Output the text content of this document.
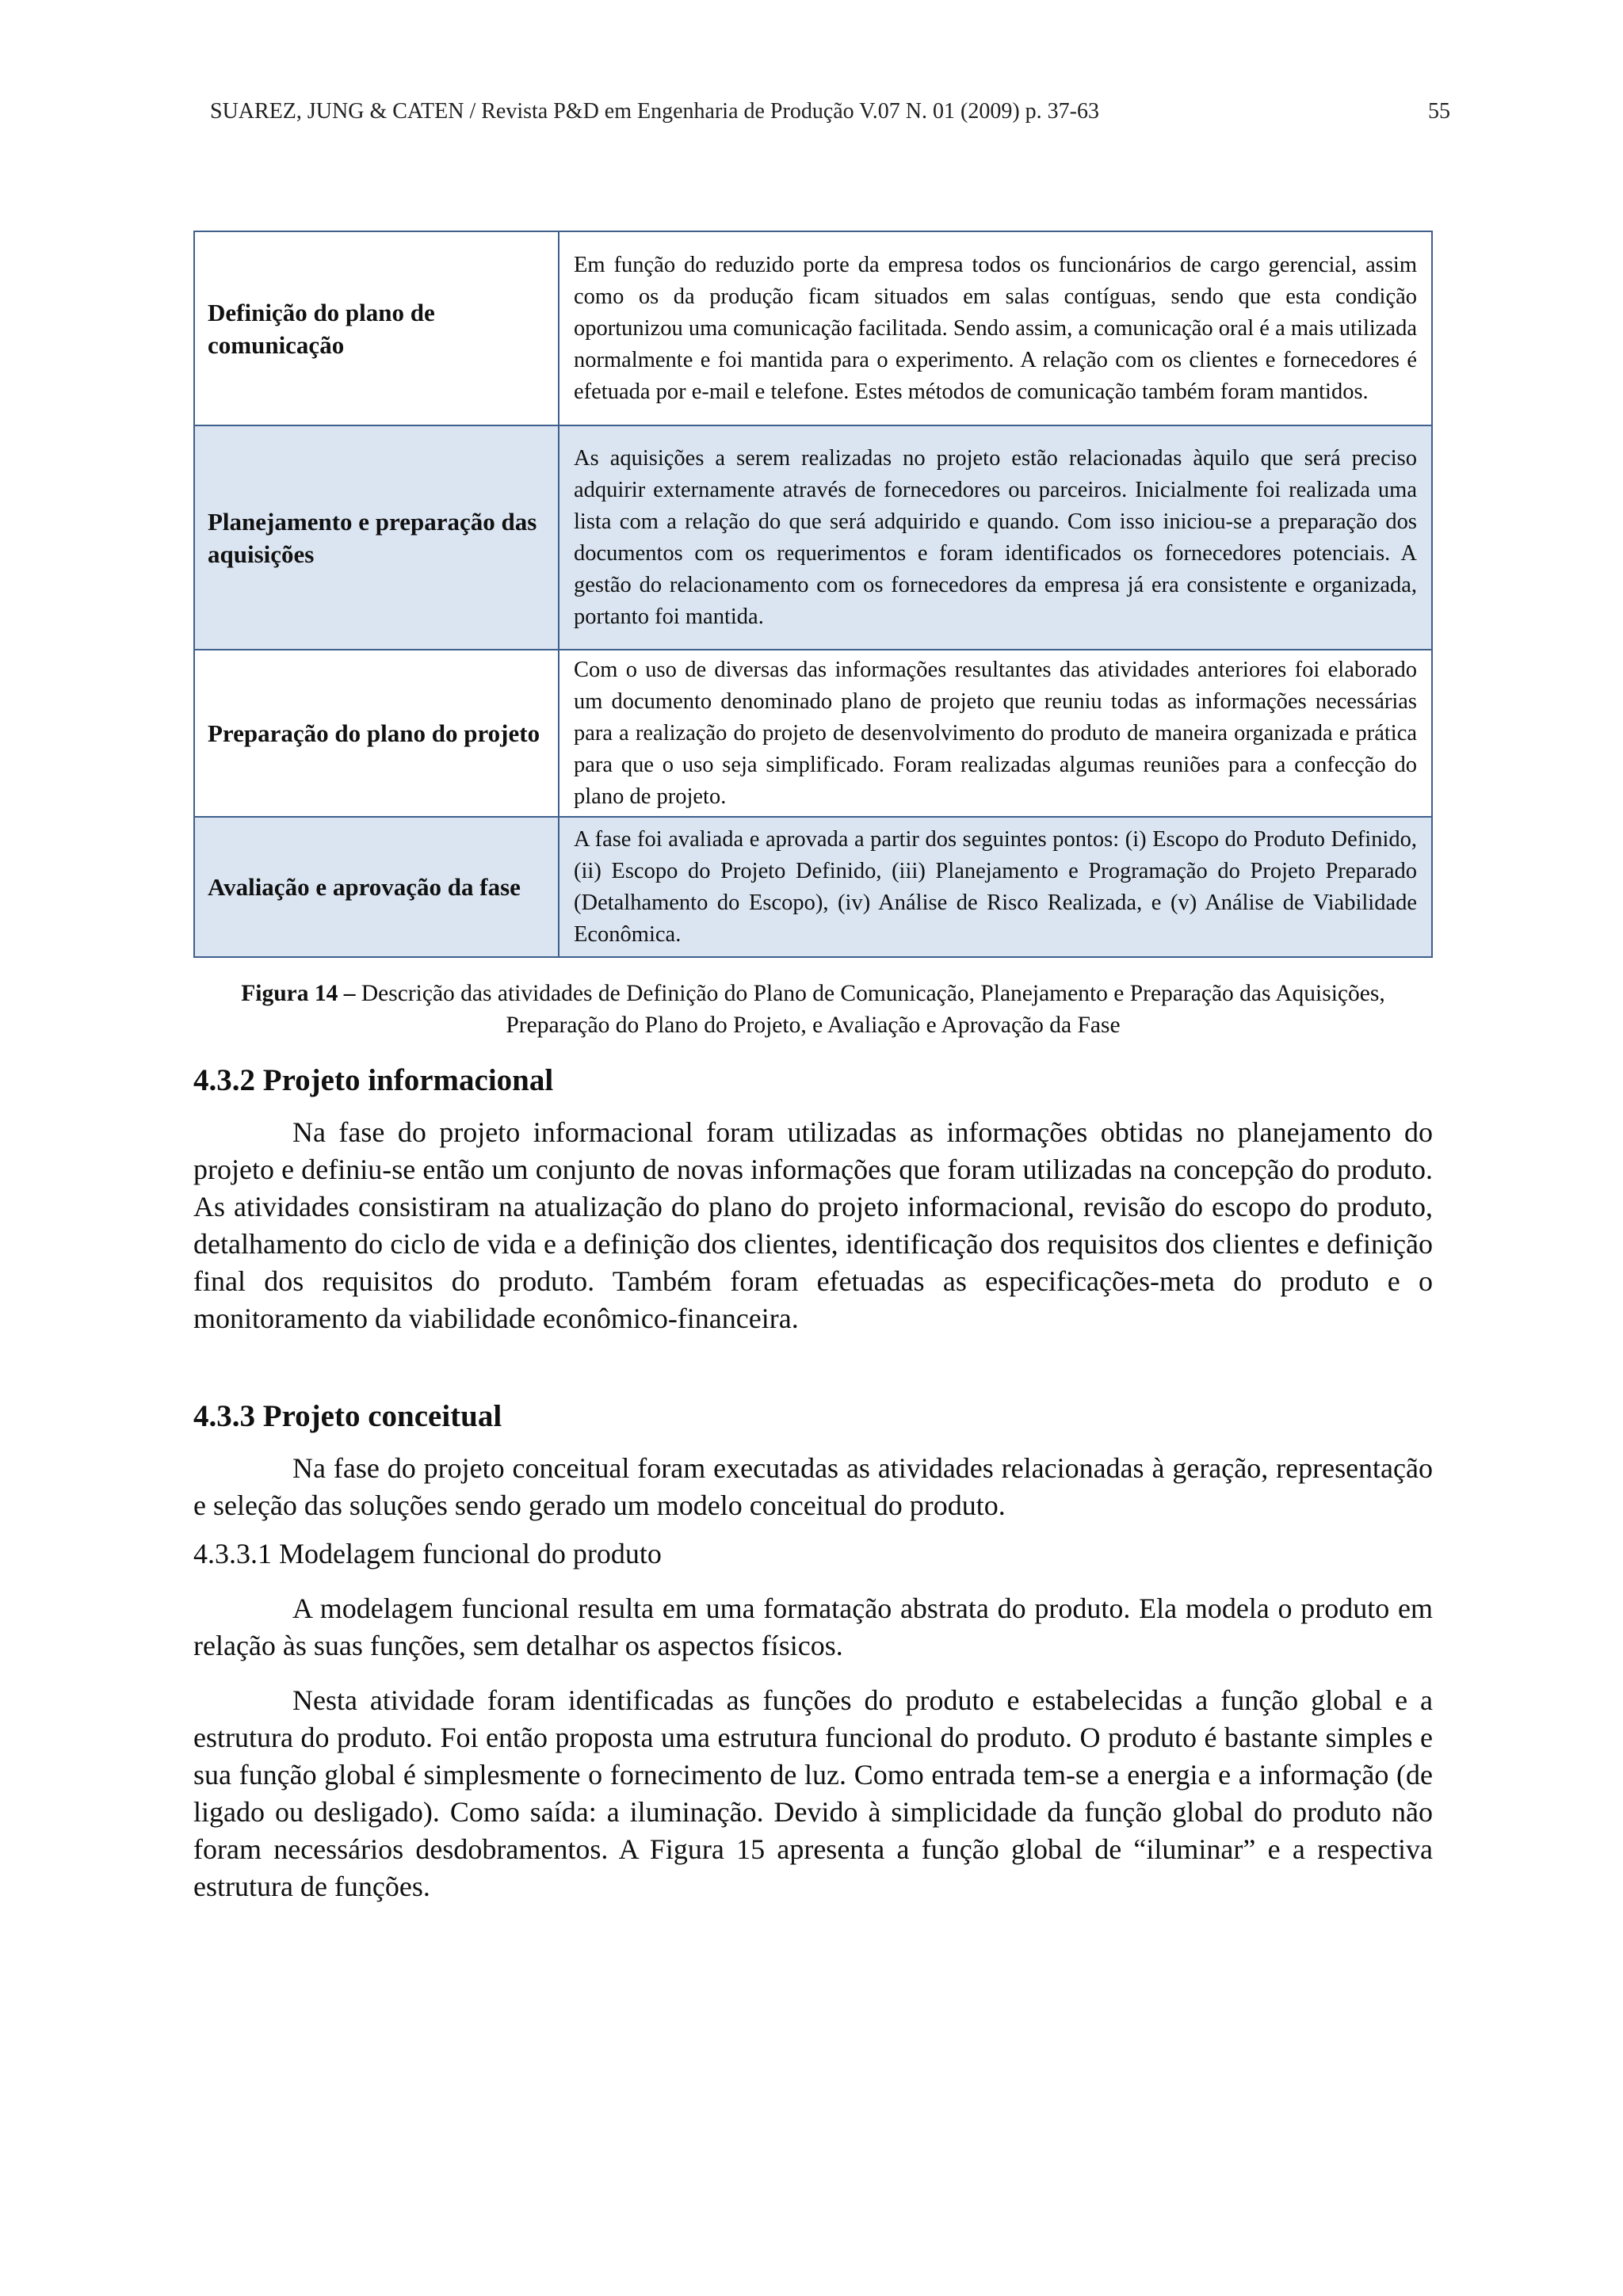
SUAREZ, JUNG & CATEN / Revista P&D em Engenharia de Produção V.07 N. 01 (2009) p. 37-63	55
Definição do plano de comunicação	Em função do reduzido porte da empresa todos os funcionários de cargo gerencial, assim como os da produção ficam situados em salas contíguas, sendo que esta condição oportunizou uma comunicação facilitada. Sendo assim, a comunicação oral é a mais utilizada normalmente e foi mantida para o experimento. A relação com os clientes e fornecedores é efetuada por e-mail e telefone. Estes métodos de comunicação também foram mantidos.
Planejamento e preparação das aquisições	As aquisições a serem realizadas no projeto estão relacionadas àquilo que será preciso adquirir externamente através de fornecedores ou parceiros. Inicialmente foi realizada uma lista com a relação do que será adquirido e quando. Com isso iniciou-se a preparação dos documentos com os requerimentos e foram identificados os fornecedores potenciais. A gestão do relacionamento com os fornecedores da empresa já era consistente e organizada, portanto foi mantida.
Preparação do plano do projeto	Com o uso de diversas das informações resultantes das atividades anteriores foi elaborado um documento denominado plano de projeto que reuniu todas as informações necessárias para a realização do projeto de desenvolvimento do produto de maneira organizada e prática para que o uso seja simplificado. Foram realizadas algumas reuniões para a confecção do plano de projeto.
Avaliação e aprovação da fase	A fase foi avaliada e aprovada a partir dos seguintes pontos: (i) Escopo do Produto Definido, (ii) Escopo do Projeto Definido, (iii) Planejamento e Programação do Projeto Preparado (Detalhamento do Escopo), (iv) Análise de Risco Realizada, e (v) Análise de Viabilidade Econômica.
Figura 14 – Descrição das atividades de Definição do Plano de Comunicação, Planejamento e Preparação das Aquisições, Preparação do Plano do Projeto, e Avaliação e Aprovação da Fase
4.3.2 Projeto informacional

Na fase do projeto informacional foram utilizadas as informações obtidas no planejamento do projeto e definiu-se então um conjunto de novas informações que foram utilizadas na concepção do produto. As atividades consistiram na atualização do plano do projeto informacional, revisão do escopo do produto, detalhamento do ciclo de vida e a definição dos clientes, identificação dos requisitos dos clientes e definição final dos requisitos do produto. Também foram efetuadas as especificações-meta do produto e o monitoramento da viabilidade econômico-financeira.

4.3.3 Projeto conceitual

Na fase do projeto conceitual foram executadas as atividades relacionadas à geração, representação e seleção das soluções sendo gerado um modelo conceitual do produto.

4.3.3.1 Modelagem funcional do produto

A modelagem funcional resulta em uma formatação abstrata do produto. Ela modela o produto em relação às suas funções, sem detalhar os aspectos físicos.

Nesta atividade foram identificadas as funções do produto e estabelecidas a função global e a estrutura do produto. Foi então proposta uma estrutura funcional do produto. O produto é bastante simples e sua função global é simplesmente o fornecimento de luz. Como entrada tem-se a energia e a informação (de ligado ou desligado). Como saída: a iluminação. Devido à simplicidade da função global do produto não foram necessários desdobramentos. A Figura 15 apresenta a função global de “iluminar” e a respectiva estrutura de funções.
